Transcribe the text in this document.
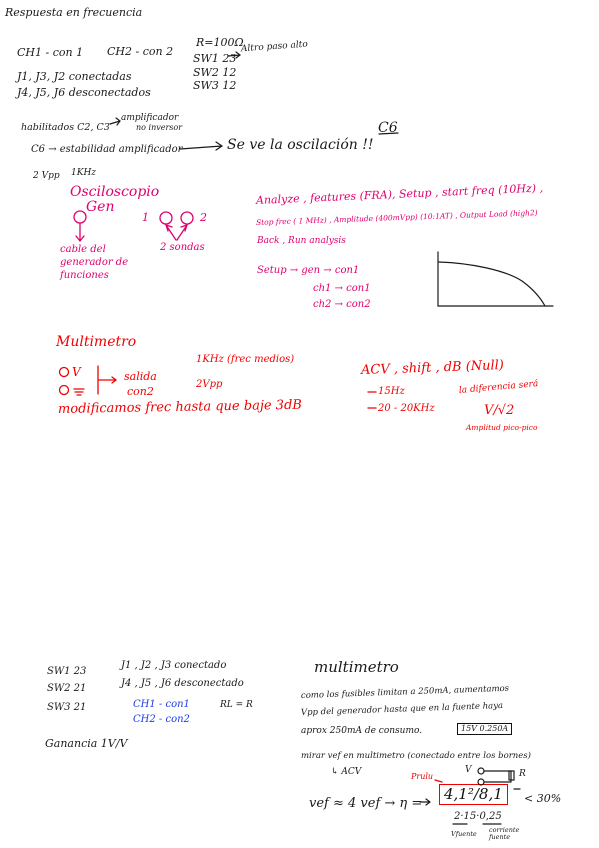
Respuesta en frecuencia
CH1 - con 1 CH2 - con 2
R=100Ω
SW1 23
Altro paso alto
SW2 12
SW3 12
J1, J3, J2 conectadas
J4, J5, J6 desconectados
habilitados C2, C3
amplificador
no inversor
C6 → estabilidad amplificador	Se ve la oscilación !!
C6
2 Vpp 1KHz
Osciloscopio
Gen
cable del
generador de
funciones
1	2
2 sondas
Analyze , features (FRA), Setup , start freq (10Hz) ,
Stop frec ( 1 MHz) , Amplitude (400mVpp) (10:1AT) , Output Load (high2)
Back , Run analysis
Setup → gen → con1
ch1 → con1
ch2 → con2
Multimetro
V	salida
con2
1KHz (frec medios)
2Vpp
ACV , shift , dB (Null)
15Hz
20 - 20KHz
la diferencia será
V/√2
Amplitud pico-pico
modificamos frec hasta que baje 3dB
SW1 23
J1 , J2 , J3 conectado
SW2 21	J4 , J5 , J6 desconectado
SW3 21	CH1 - con1
CH2 - con2
RL = R
Ganancia 1V/V
multimetro
como los fusibles limitan a 250mA, aumentamos
Vpp del generador hasta que en la fuente haya
aprox 250mA de consumo.	15V 0.250A
mirar vef en multimetro (conectado entre los bornes)
↳ ACV	Prulu
V	R
vef ≈ 4 vef → η =
4,1²/8,1	< 30%
2·15·0,25
Vfuente corriente fuente
